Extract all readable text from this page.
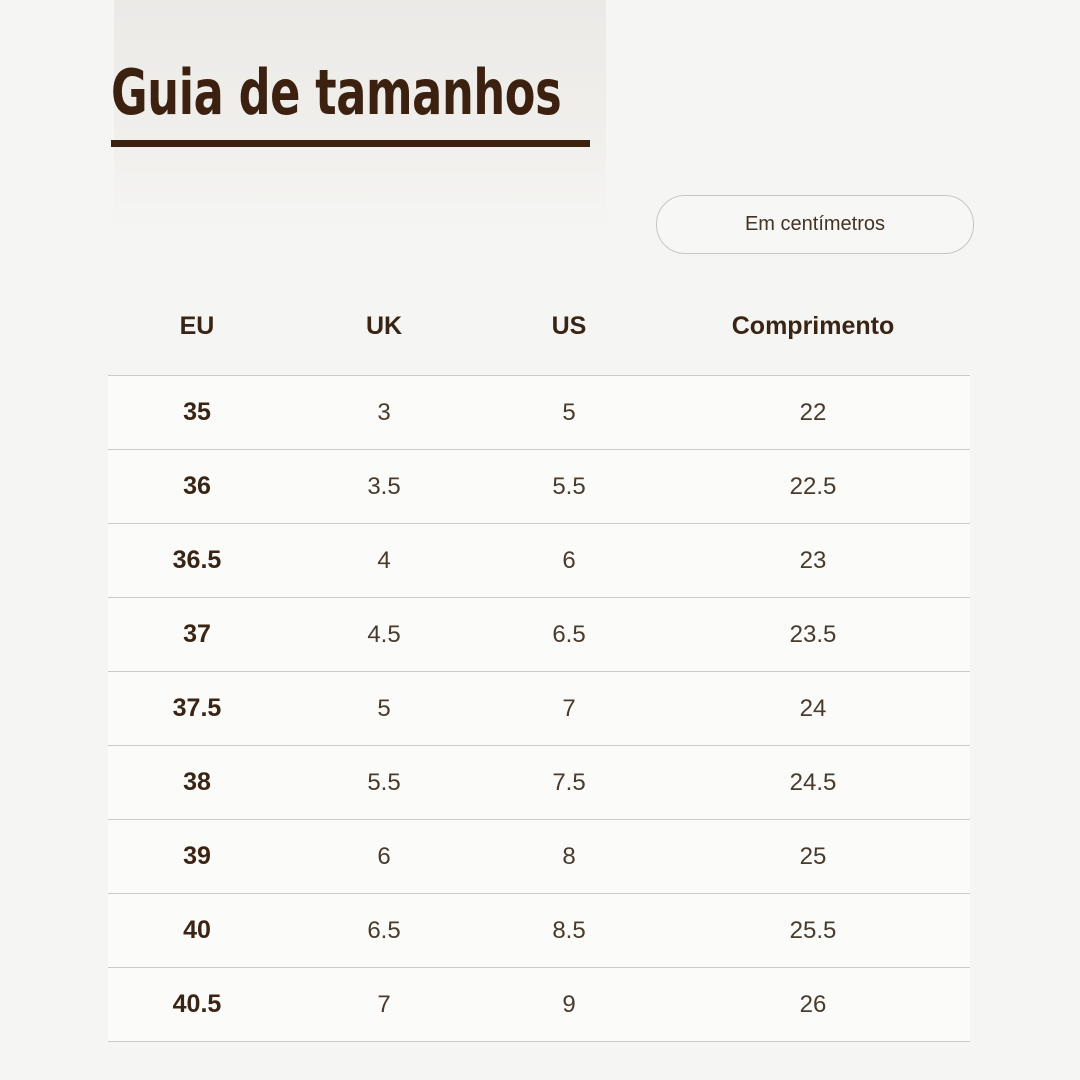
Guia de tamanhos
Em centímetros
EU	UK	US	Comprimento
35	3	5	22
36	3.5	5.5	22.5
36.5	4	6	23
37	4.5	6.5	23.5
37.5	5	7	24
38	5.5	7.5	24.5
39	6	8	25
40	6.5	8.5	25.5
40.5	7	9	26
